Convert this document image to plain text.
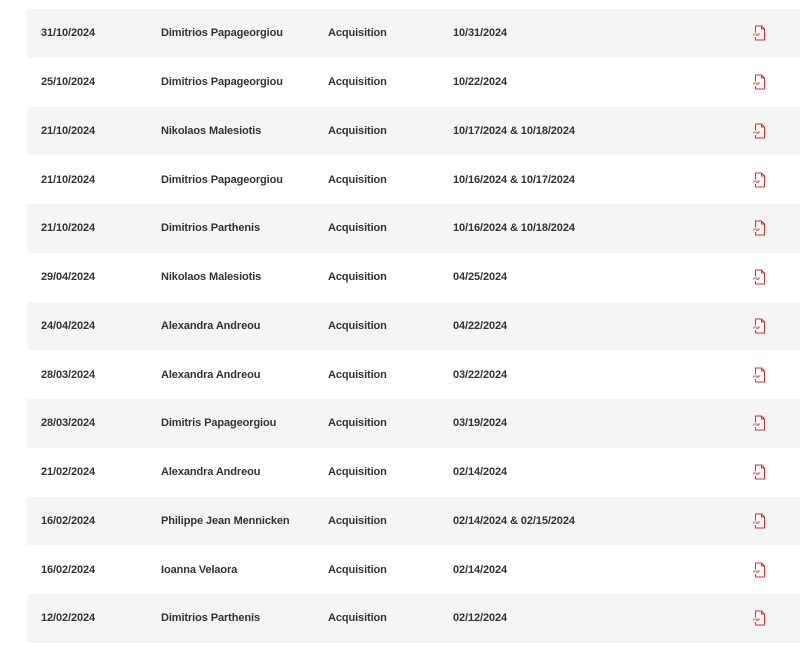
31/10/2024	Dimitrios Papageorgiou	Acquisition	10/31/2024	PDF
25/10/2024	Dimitrios Papageorgiou	Acquisition	10/22/2024	PDF
21/10/2024	Nikolaos Malesiotis	Acquisition	10/17/2024 & 10/18/2024	PDF
21/10/2024	Dimitrios Papageorgiou	Acquisition	10/16/2024 & 10/17/2024	PDF
21/10/2024	Dimitrios Parthenis	Acquisition	10/16/2024 & 10/18/2024	PDF
29/04/2024	Nikolaos Malesiotis	Acquisition	04/25/2024	PDF
24/04/2024	Alexandra Andreou	Acquisition	04/22/2024	PDF
28/03/2024	Alexandra Andreou	Acquisition	03/22/2024	PDF
28/03/2024	Dimitris Papageorgiou	Acquisition	03/19/2024	PDF
21/02/2024	Alexandra Andreou	Acquisition	02/14/2024	PDF
16/02/2024	Philippe Jean Mennicken	Acquisition	02/14/2024 & 02/15/2024	PDF
16/02/2024	Ioanna Velaora	Acquisition	02/14/2024	PDF
12/02/2024	Dimitrios Parthenis	Acquisition	02/12/2024	PDF
